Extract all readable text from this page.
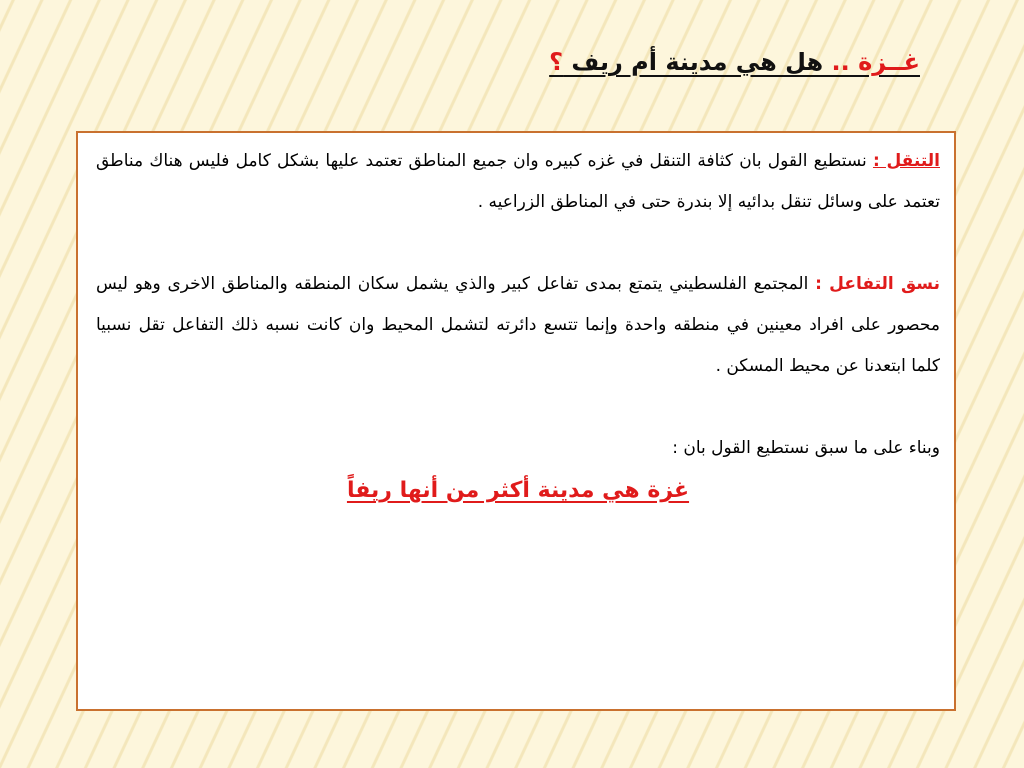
غــزة .. هل هي مدينة أم ريف ؟

التنقل : نستطيع القول بان كثافة التنقل في غزه كبيره وان جميع المناطق تعتمد عليها بشكل كامل فليس هناك مناطق تعتمد على وسائل تنقل بدائيه إلا بندرة حتى في المناطق الزراعيه .

نسق التفاعل : المجتمع الفلسطيني يتمتع بمدى تفاعل كبير والذي يشمل سكان المنطقه والمناطق الاخرى وهو ليس محصور على افراد معينين في منطقه واحدة وإنما تتسع دائرته لتشمل المحيط وان كانت نسبه ذلك التفاعل تقل نسبيا كلما ابتعدنا عن محيط المسكن .

وبناء على ما سبق نستطيع القول بان :

غزة هي مدينة أكثر من أنها ريفاً
